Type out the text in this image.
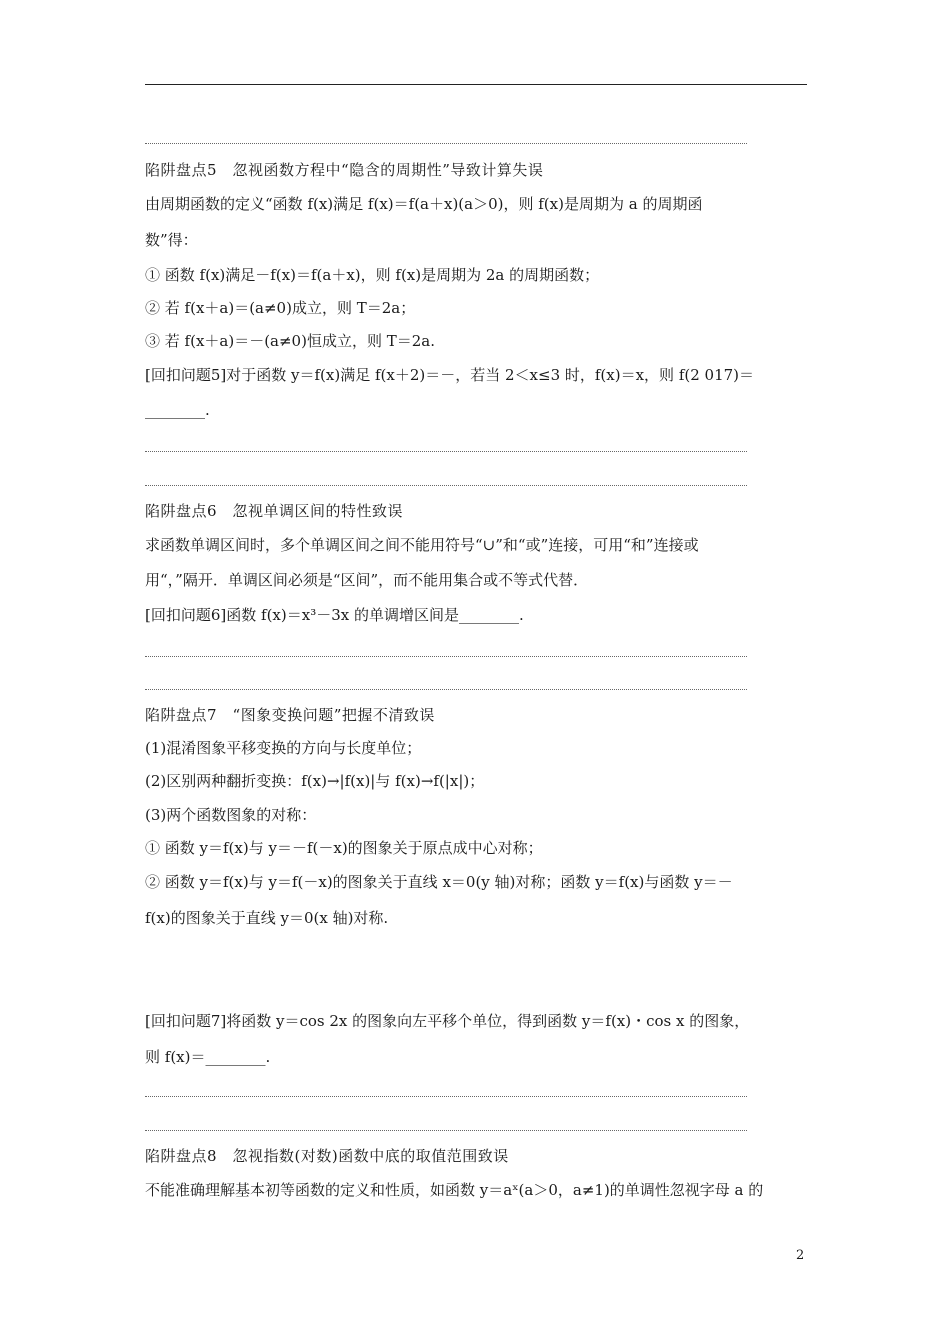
陷阱盘点5　忽视函数方程中“隐含的周期性”导致计算失误
由周期函数的定义“函数 f(x)满足 f(x)＝f(a＋x)(a＞0)，则 f(x)是周期为 a 的周期函
数”得：
① 函数 f(x)满足－f(x)＝f(a＋x)，则 f(x)是周期为 2a 的周期函数；
② 若 f(x＋a)＝(a≠0)成立，则 T＝2a；
③ 若 f(x＋a)＝－(a≠0)恒成立，则 T＝2a.
[回扣问题5]对于函数 y＝f(x)满足 f(x＋2)＝－，若当 2＜x≤3 时，f(x)＝x，则 f(2 017)＝
________.
陷阱盘点6　忽视单调区间的特性致误
求函数单调区间时，多个单调区间之间不能用符号“∪”和“或”连接，可用“和”连接或
用“，”隔开．单调区间必须是“区间”，而不能用集合或不等式代替．
[回扣问题6]函数 f(x)＝x³－3x 的单调增区间是________.
陷阱盘点7　“图象变换问题”把握不清致误
(1)混淆图象平移变换的方向与长度单位；
(2)区别两种翻折变换：f(x)→|f(x)|与 f(x)→f(|x|)；
(3)两个函数图象的对称：
① 函数 y＝f(x)与 y＝－f(－x)的图象关于原点成中心对称；
② 函数 y＝f(x)与 y＝f(－x)的图象关于直线 x＝0(y 轴)对称；函数 y＝f(x)与函数 y＝－
f(x)的图象关于直线 y＝0(x 轴)对称.
[回扣问题7]将函数 y＝cos 2x 的图象向左平移个单位，得到函数 y＝f(x)・cos x 的图象，
则 f(x)＝________.
陷阱盘点8　忽视指数(对数)函数中底的取值范围致误
不能准确理解基本初等函数的定义和性质，如函数 y＝aˣ(a＞0，a≠1)的单调性忽视字母 a 的
2
